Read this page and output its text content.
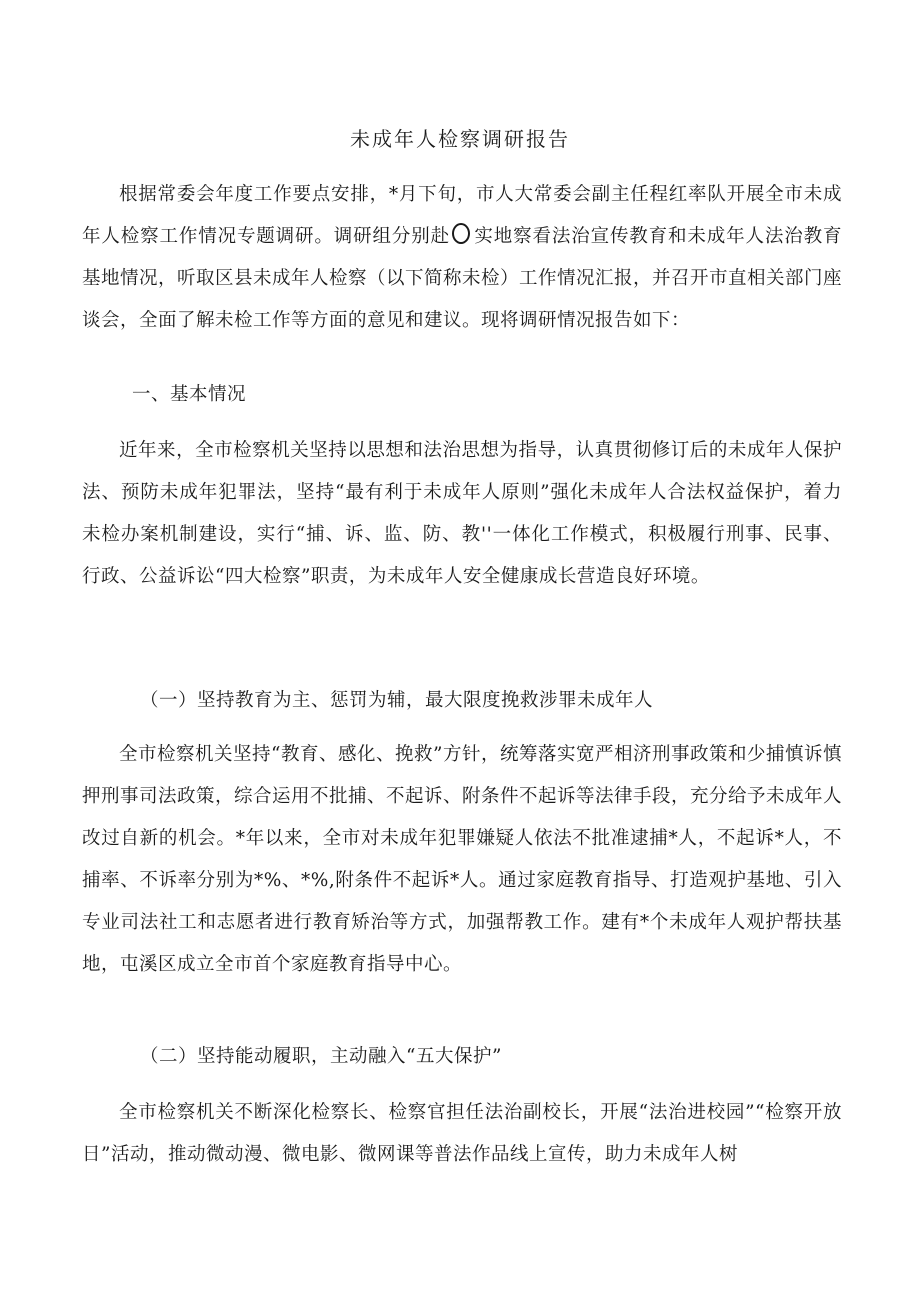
未成年人检察调研报告

根据常委会年度工作要点安排，*月下旬，市人大常委会副主任程红率队开展全市未成年人检察工作情况专题调研。调研组分别赴 实地察看法治宣传教育和未成年人法治教育基地情况，听取区县未成年人检察（以下简称未检）工作情况汇报，并召开市直相关部门座谈会，全面了解未检工作等方面的意见和建议。现将调研情况报告如下：

一、基本情况

近年来，全市检察机关坚持以思想和法治思想为指导，认真贯彻修订后的未成年人保护法、预防未成年犯罪法，坚持“最有利于未成年人原则”强化未成年人合法权益保护，着力未检办案机制建设，实行“捕、诉、监、防、教''一体化工作模式，积极履行刑事、民事、行政、公益诉讼“四大检察”职责，为未成年人安全健康成长营造良好环境。

（一）坚持教育为主、惩罚为辅，最大限度挽救涉罪未成年人

全市检察机关坚持“教育、感化、挽救”方针，统筹落实宽严相济刑事政策和少捕慎诉慎押刑事司法政策，综合运用不批捕、不起诉、附条件不起诉等法律手段，充分给予未成年人改过自新的机会。*年以来，全市对未成年犯罪嫌疑人依法不批准逮捕*人，不起诉*人，不捕率、不诉率分别为*%、*%,附条件不起诉*人。通过家庭教育指导、打造观护基地、引入专业司法社工和志愿者进行教育矫治等方式，加强帮教工作。建有*个未成年人观护帮扶基地，屯溪区成立全市首个家庭教育指导中心。

（二）坚持能动履职，主动融入“五大保护”

全市检察机关不断深化检察长、检察官担任法治副校长，开展“法治进校园”“检察开放日”活动，推动微动漫、微电影、微网课等普法作品线上宣传，助力未成年人树
